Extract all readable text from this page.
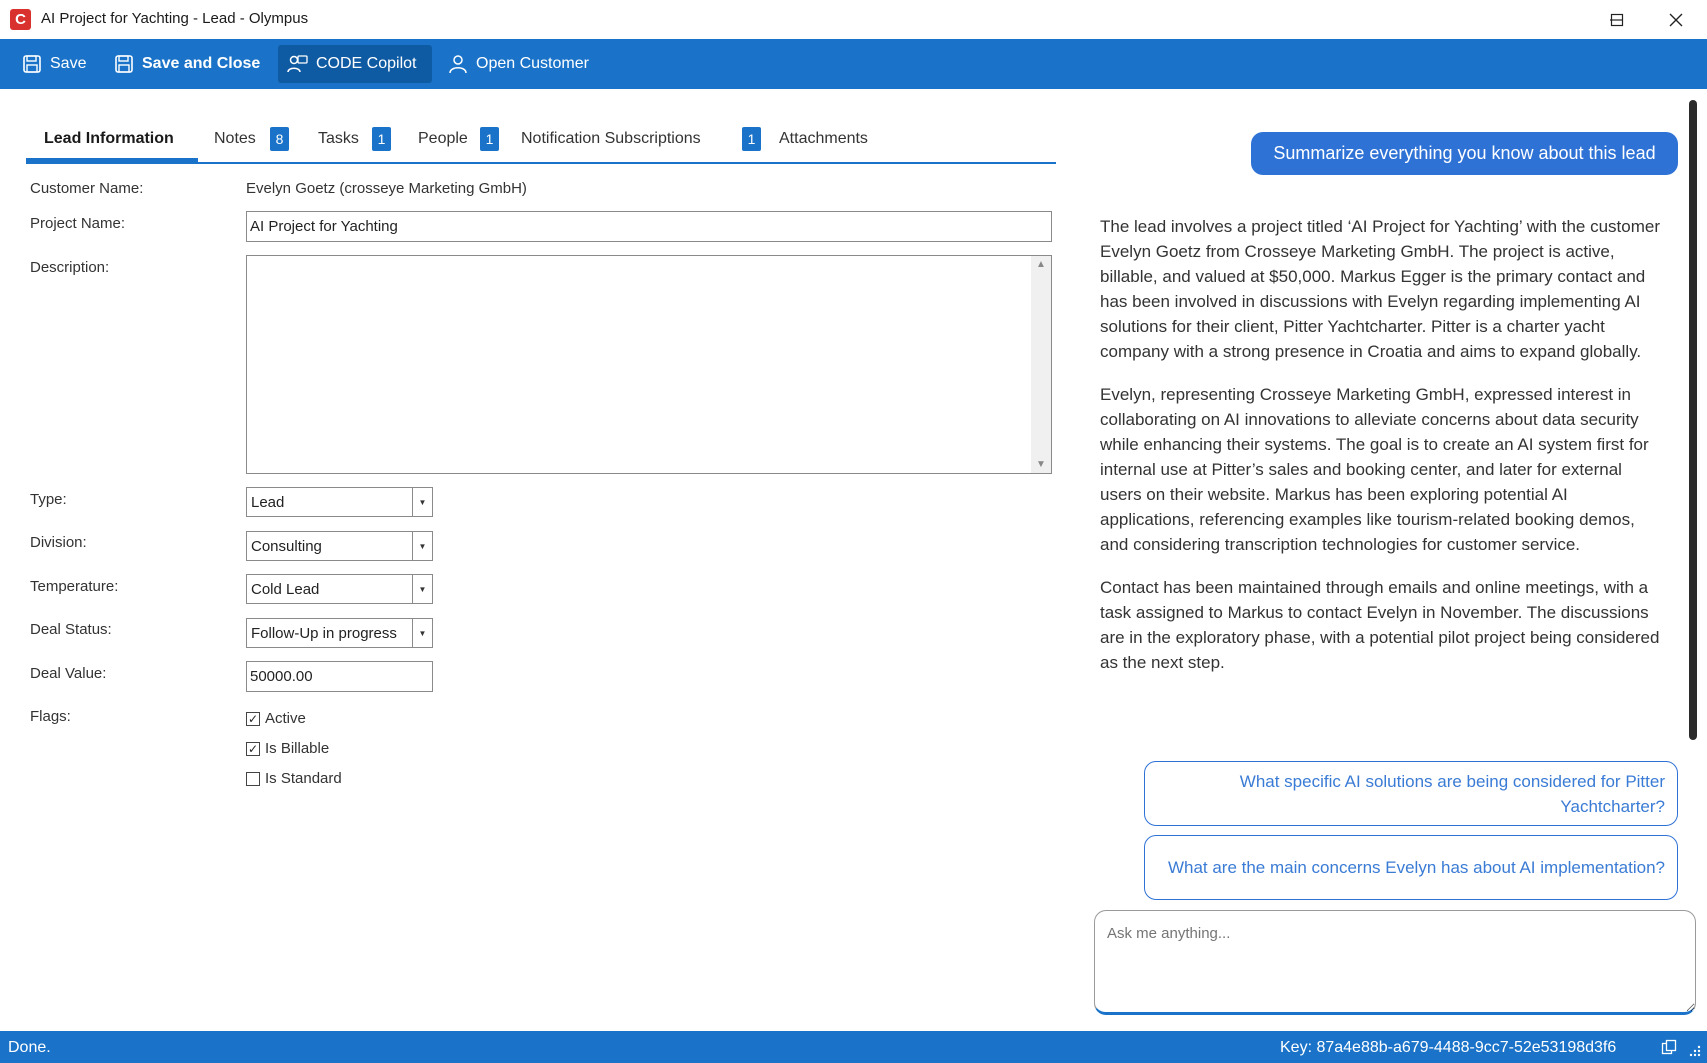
C	AI Project for Yachting - Lead - Olympus
Save	Save and Close	CODE Copilot	Open Customer
Lead Information	Notes	8	Tasks	1	People	1	Notification Subscriptions	1	Attachments
Customer Name:	Evelyn Goetz (crosseye Marketing GmbH)
Project Name:
AI Project for Yachting
Description:	▲
▼
Type:	Lead	▼
Division:	Consulting	▼
Temperature:	Cold Lead	▼
Deal Status:	Follow-Up in progress	▼
Deal Value:
50000.00
Flags:	✓ Active
✓ Is Billable
Is Standard
Summarize everything you know about this lead

The lead involves a project titled ‘AI Project for Yachting’ with the customer Evelyn Goetz from Crosseye Marketing GmbH. The project is active, billable, and valued at $50,000. Markus Egger is the primary contact and has been involved in discussions with Evelyn regarding implementing AI solutions for their client, Pitter Yachtcharter. Pitter is a charter yacht company with a strong presence in Croatia and aims to expand globally.

Evelyn, representing Crosseye Marketing GmbH, expressed interest in collaborating on AI innovations to alleviate concerns about data security while enhancing their systems. The goal is to create an AI system first for internal use at Pitter’s sales and booking center, and later for external users on their website. Markus has been exploring potential AI applications, referencing examples like tourism-related booking demos, and considering transcription technologies for customer service.

Contact has been maintained through emails and online meetings, with a task assigned to Markus to contact Evelyn in November. The discussions are in the exploratory phase, with a potential pilot project being considered as the next step.

What specific AI solutions are being considered for Pitter Yachtcharter?
What are the main concerns Evelyn has about AI implementation?
Ask me anything...
Done.	Key: 87a4e88b-a679-4488-9cc7-52e53198d3f6
